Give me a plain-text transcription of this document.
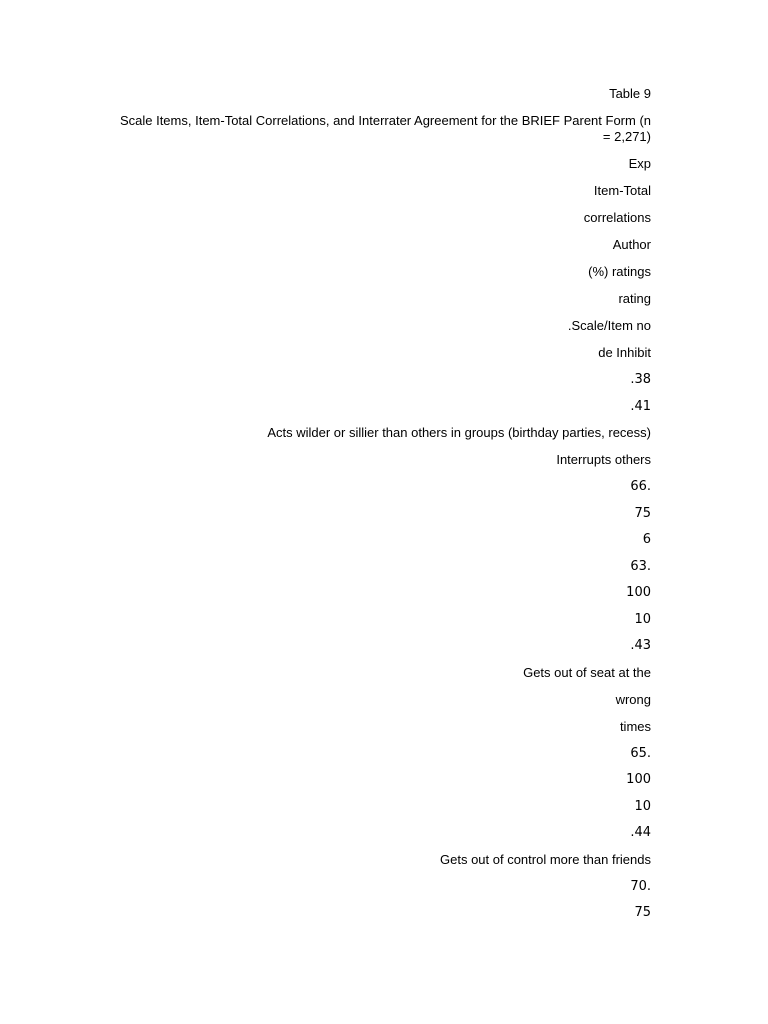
Table 9

Scale Items, Item-Total Correlations, and Interrater Agreement for the BRIEF Parent Form (n = 2,271)

Exp

Item-Total

correlations

Author

(%) ratings

rating

.Scale/Item no

de Inhibit

.38

.41

Acts wilder or sillier than others in groups (birthday parties, recess)

Interrupts others

66.

75

6

63.

100

10

.43

Gets out of seat at the

wrong

times

65.

100

10

.44

Gets out of control more than friends

70.

75
